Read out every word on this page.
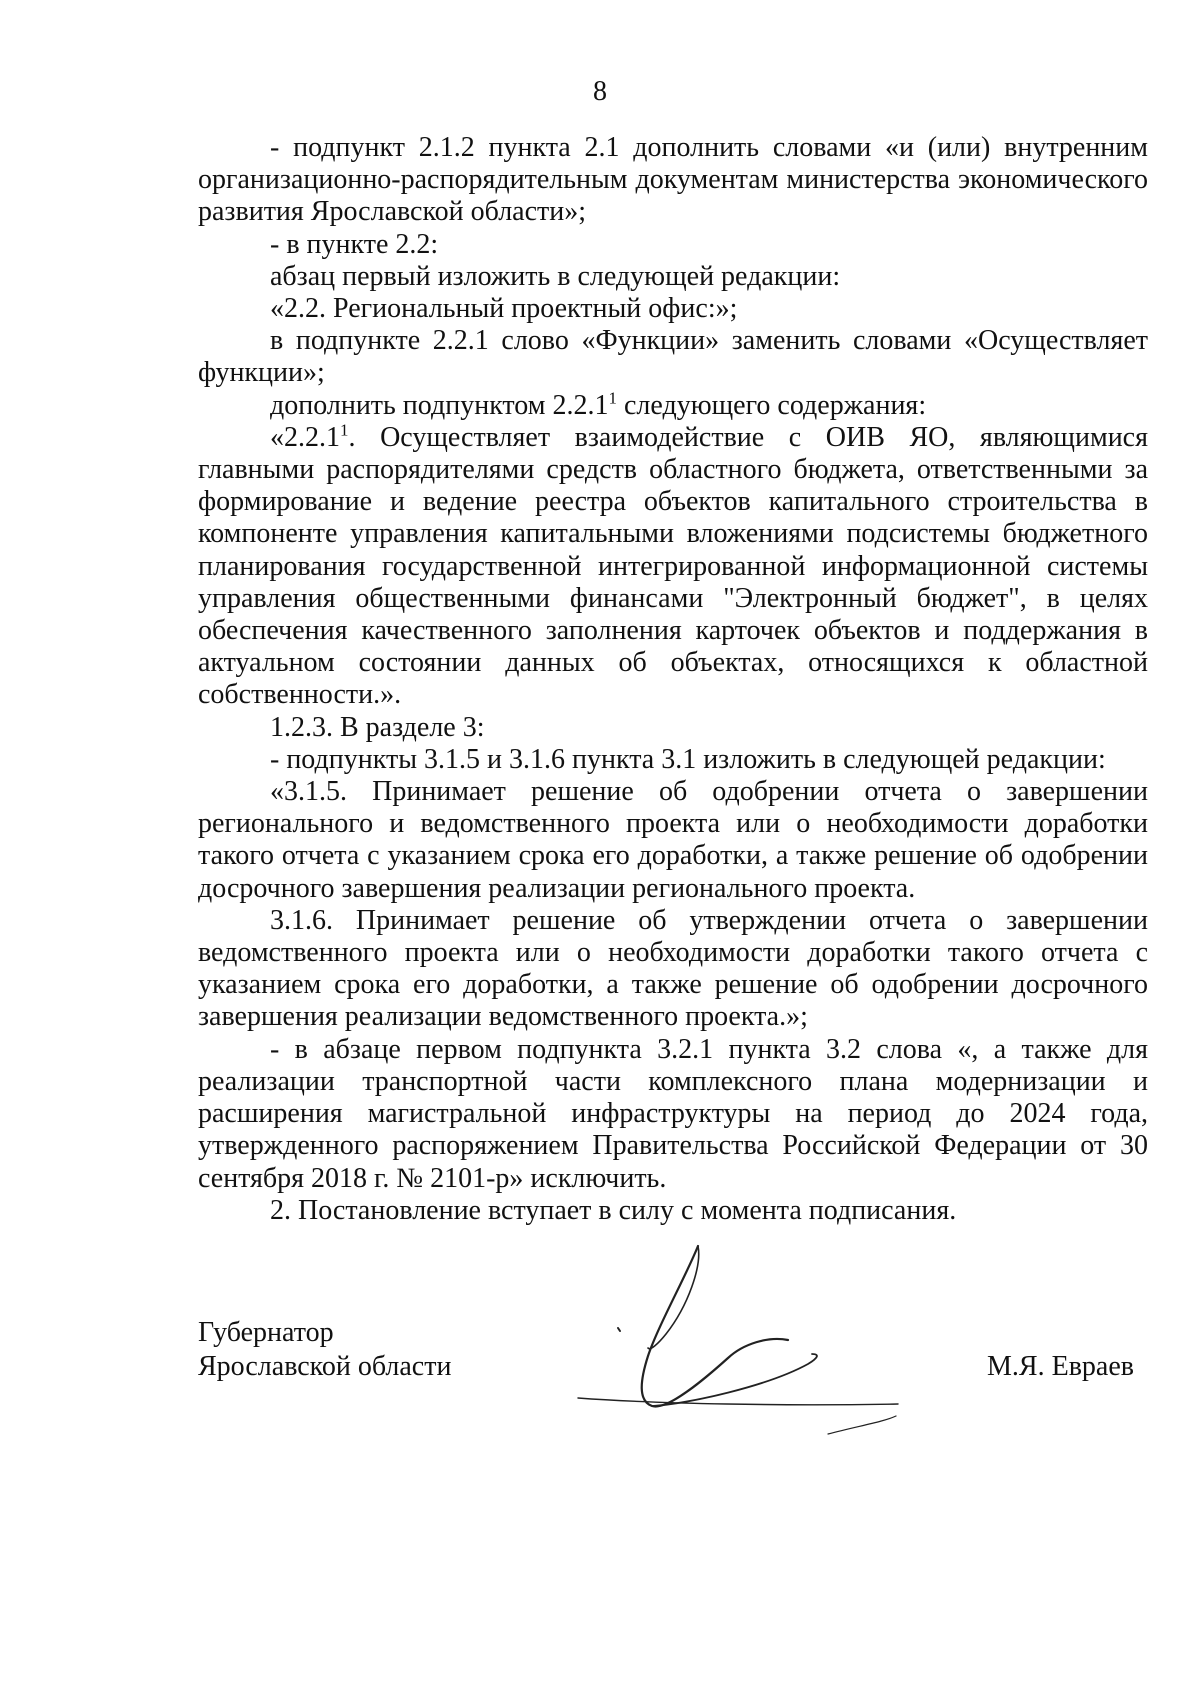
8

- подпункт 2.1.2 пункта 2.1 дополнить словами «и (или) внутренним организационно-распорядительным документам министерства экономического развития Ярославской области»;

- в пункте 2.2:

абзац первый изложить в следующей редакции:

«2.2. Региональный проектный офис:»;

в подпункте 2.2.1 слово «Функции» заменить словами «Осуществляет функции»;

дополнить подпунктом 2.2.1$^1$ следующего содержания:

«2.2.1$^1$. Осуществляет взаимодействие с ОИВ ЯО, являющимися главными распорядителями средств областного бюджета, ответственными за формирование и ведение реестра объектов капитального строительства в компоненте управления капитальными вложениями подсистемы бюджетного планирования государственной интегрированной информационной системы управления общественными финансами "Электронный бюджет", в целях обеспечения качественного заполнения карточек объектов и поддержания в актуальном состоянии данных об объектах, относящихся к областной собственности.».

1.2.3. В разделе 3:

- подпункты 3.1.5 и 3.1.6 пункта 3.1 изложить в следующей редакции:

«3.1.5. Принимает решение об одобрении отчета о завершении регионального и ведомственного проекта или о необходимости доработки такого отчета с указанием срока его доработки, а также решение об одобрении досрочного завершения реализации регионального проекта.

3.1.6. Принимает решение об утверждении отчета о завершении ведомственного проекта или о необходимости доработки такого отчета с указанием срока его доработки, а также решение об одобрении досрочного завершения реализации ведомственного проекта.»;

- в абзаце первом подпункта 3.2.1 пункта 3.2 слова «, а также для реализации транспортной части комплексного плана модернизации и расширения магистральной инфраструктуры на период до 2024 года, утвержденного распоряжением Правительства Российской Федерации от 30 сентября 2018 г. № 2101-р» исключить.

2. Постановление вступает в силу с момента подписания.

Губернатор
Ярославской области	М.Я. Евраев
